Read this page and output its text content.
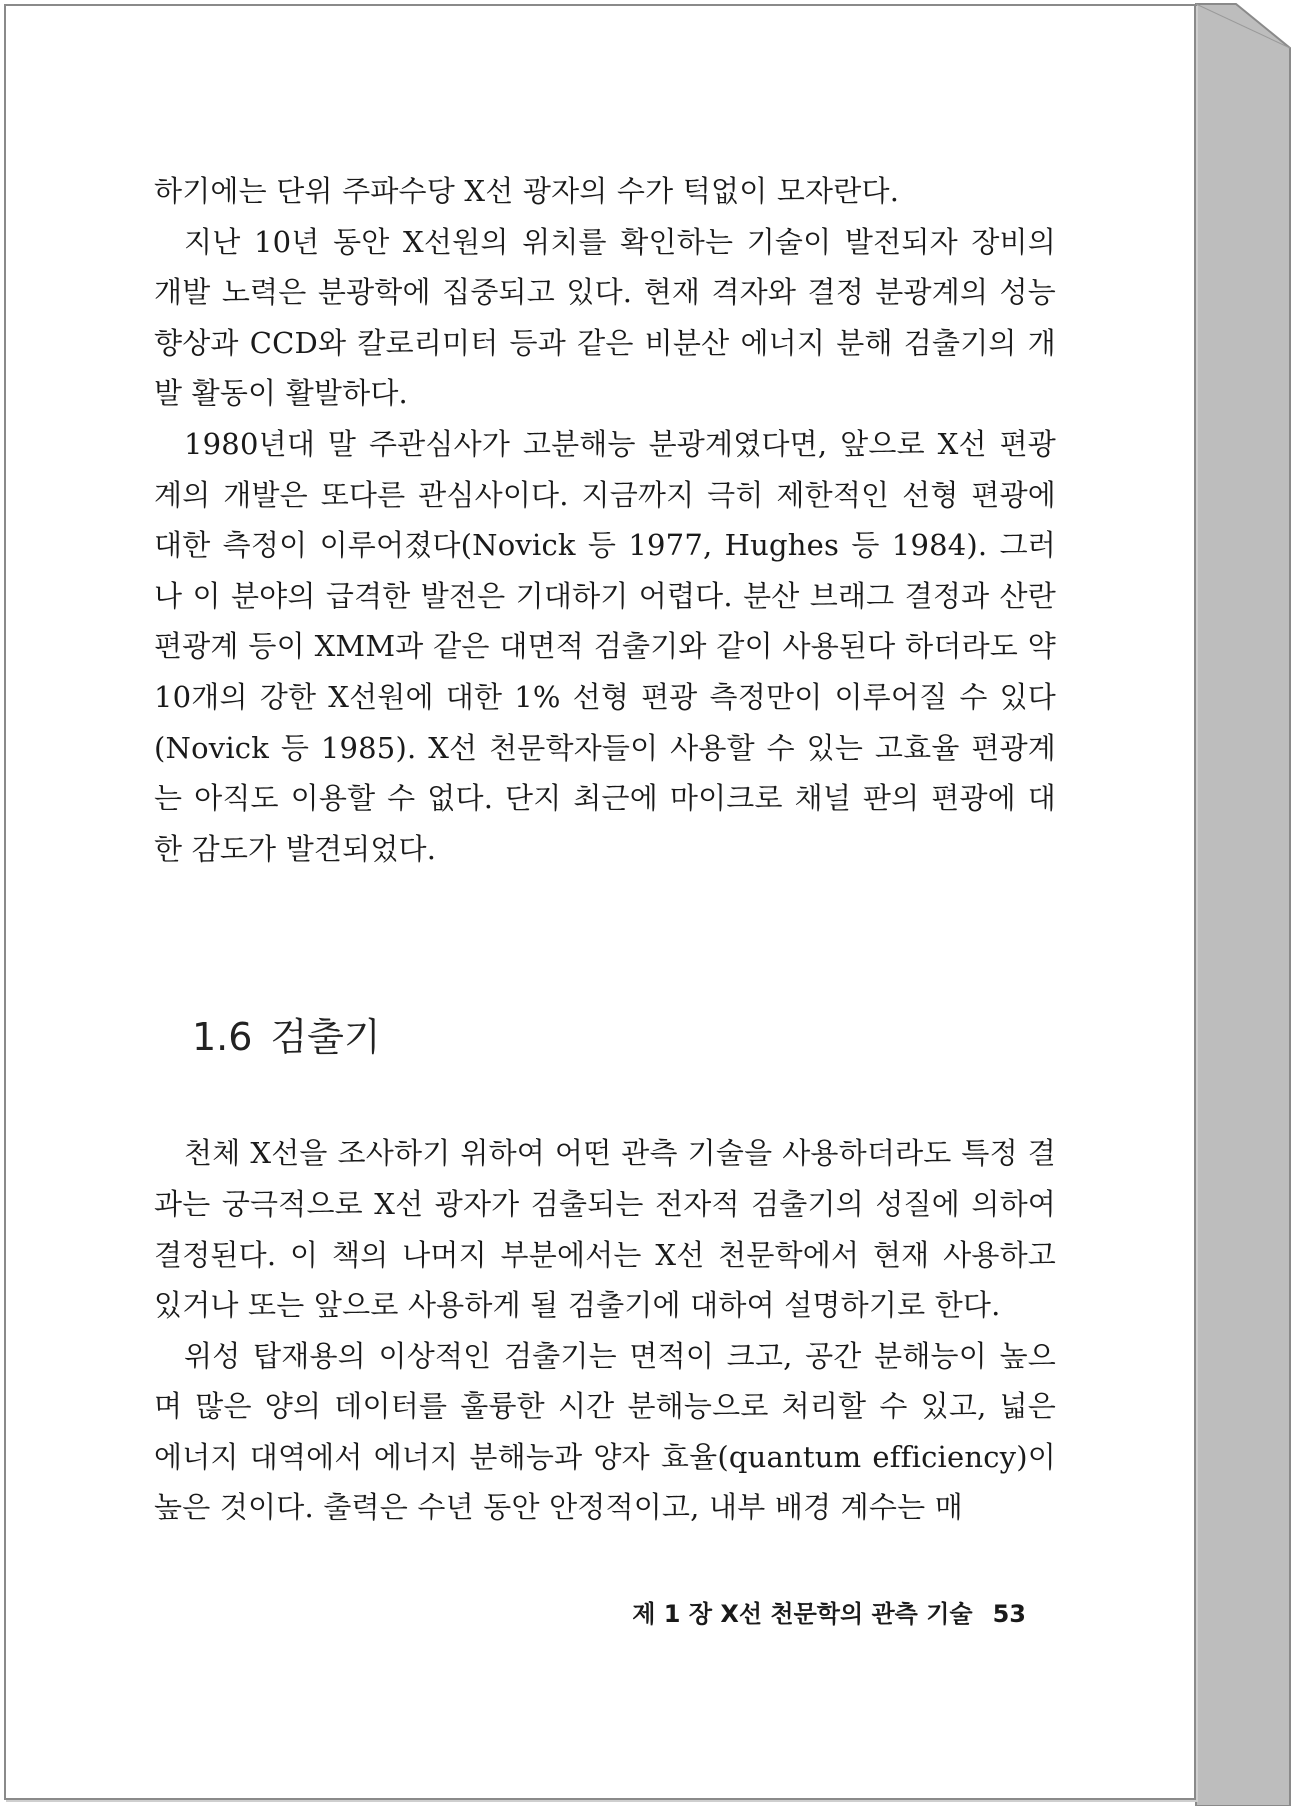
하기에는 단위 주파수당 X선 광자의 수가 턱없이 모자란다.

지난 10년 동안 X선원의 위치를 확인하는 기술이 발전되자 장비의 개발 노력은 분광학에 집중되고 있다. 현재 격자와 결정 분광계의 성능 향상과 CCD와 칼로리미터 등과 같은 비분산 에너지 분해 검출기의 개발 활동이 활발하다.

1980년대 말 주관심사가 고분해능 분광계였다면, 앞으로 X선 편광계의 개발은 또다른 관심사이다. 지금까지 극히 제한적인 선형 편광에 대한 측정이 이루어졌다(Novick 등 1977, Hughes 등 1984). 그러나 이 분야의 급격한 발전은 기대하기 어렵다. 분산 브래그 결정과 산란 편광계 등이 XMM과 같은 대면적 검출기와 같이 사용된다 하더라도 약 10개의 강한 X선원에 대한 1% 선형 편광 측정만이 이루어질 수 있다(Novick 등 1985). X선 천문학자들이 사용할 수 있는 고효율 편광계는 아직도 이용할 수 없다. 단지 최근에 마이크로 채널 판의 편광에 대한 감도가 발견되었다.

1.6 검출기

천체 X선을 조사하기 위하여 어떤 관측 기술을 사용하더라도 특정 결과는 궁극적으로 X선 광자가 검출되는 전자적 검출기의 성질에 의하여 결정된다. 이 책의 나머지 부분에서는 X선 천문학에서 현재 사용하고 있거나 또는 앞으로 사용하게 될 검출기에 대하여 설명하기로 한다.

위성 탑재용의 이상적인 검출기는 면적이 크고, 공간 분해능이 높으며 많은 양의 데이터를 훌륭한 시간 분해능으로 처리할 수 있고, 넓은 에너지 대역에서 에너지 분해능과 양자 효율(quantum efficiency)이 높은 것이다. 출력은 수년 동안 안정적이고, 내부 배경 계수는 매

제 1 장 X선 천문학의 관측 기술 53
